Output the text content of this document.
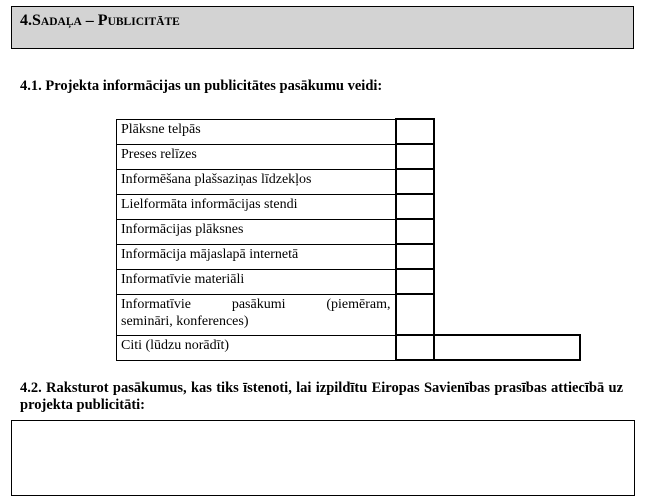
4.SADAĻA – PUBLICITĀTE
4.1. Projekta informācijas un publicitātes pasākumu veidi:
Plāksne telpās		
Preses relīzes		
Informēšana plašsaziņas līdzekļos		
Lielformāta informācijas stendi		
Informācijas plāksnes		
Informācija mājaslapā internetā		
Informatīvie materiāli		

Informatīvie pasākumi (piemēram,
semināri, konferences)		

Citi (lūdzu norādīt)		
4.2. Raksturot pasākumus, kas tiks īstenoti, lai izpildītu Eiropas Savienības prasības attiecībā uz projekta publicitāti:
